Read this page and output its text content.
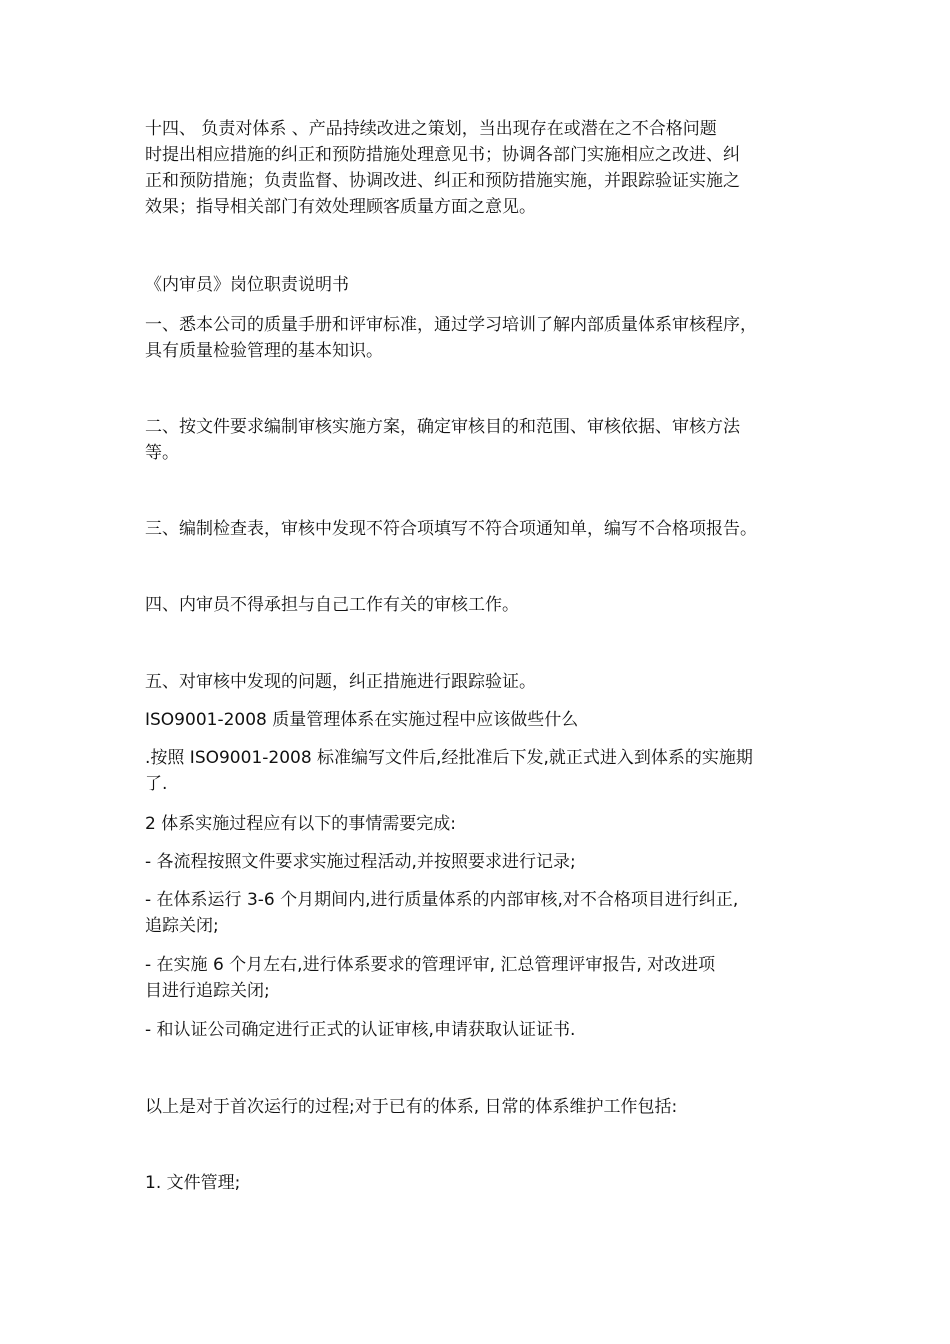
十四、 负责对体系 、产品持续改进之策划，当出现存在或潜在之不合格问题
时提出相应措施的纠正和预防措施处理意见书；协调各部门实施相应之改进、纠
正和预防措施；负责监督、协调改进、纠正和预防措施实施，并跟踪验证实施之
效果；指导相关部门有效处理顾客质量方面之意见。
《内审员》岗位职责说明书
一、悉本公司的质量手册和评审标准，通过学习培训了解内部质量体系审核程序，
具有质量检验管理的基本知识。
二、按文件要求编制审核实施方案，确定审核目的和范围、审核依据、审核方法
等。
三、编制检查表，审核中发现不符合项填写不符合项通知单，编写不合格项报告。
四、内审员不得承担与自己工作有关的审核工作。
五、对审核中发现的问题，纠正措施进行跟踪验证。
ISO9001-2008 质量管理体系在实施过程中应该做些什么
.按照 ISO9001-2008 标准编写文件后,经批准后下发,就正式进入到体系的实施期
了.
2 体系实施过程应有以下的事情需要完成:
- 各流程按照文件要求实施过程活动,并按照要求进行记录;
- 在体系运行 3-6 个月期间内,进行质量体系的内部审核,对不合格项目进行纠正,
追踪关闭;
- 在实施 6 个月左右,进行体系要求的管理评审, 汇总管理评审报告, 对改进项
目进行追踪关闭;
- 和认证公司确定进行正式的认证审核,申请获取认证证书.
以上是对于首次运行的过程;对于已有的体系, 日常的体系维护工作包括:
1. 文件管理;
